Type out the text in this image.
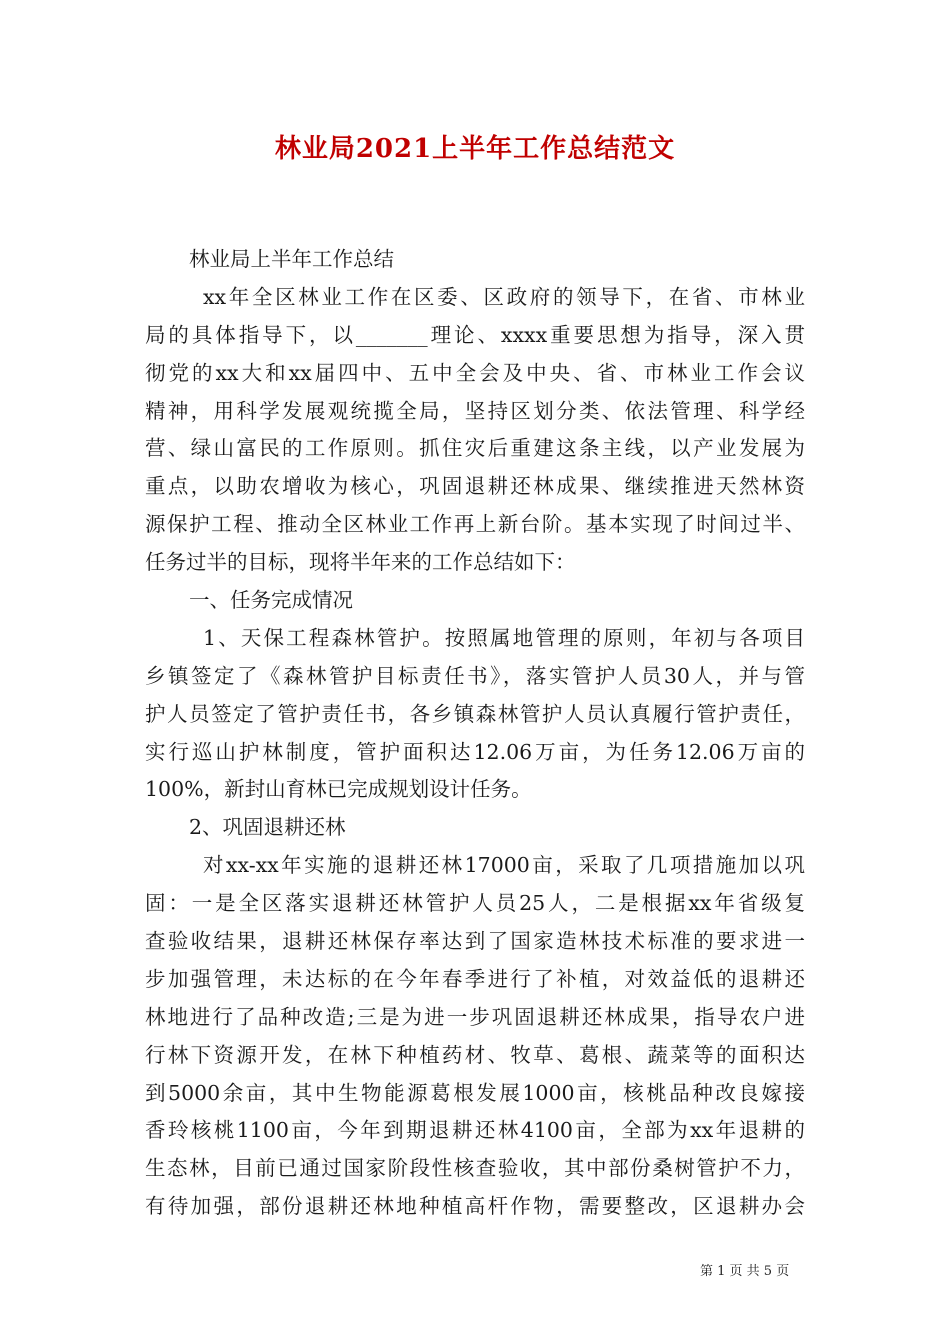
林业局2021上半年工作总结范文
林业局上半年工作总结
xx年全区林业工作在区委、区政府的领导下，在省、市林业
局的具体指导下，以_______理论、xxxx重要思想为指导，深入贯
彻党的xx大和xx届四中、五中全会及中央、省、市林业工作会议
精神，用科学发展观统揽全局，坚持区划分类、依法管理、科学经
营、绿山富民的工作原则。抓住灾后重建这条主线，以产业发展为
重点，以助农增收为核心，巩固退耕还林成果、继续推进天然林资
源保护工程、推动全区林业工作再上新台阶。基本实现了时间过半、
任务过半的目标，现将半年来的工作总结如下：
一、任务完成情况
1、天保工程森林管护。按照属地管理的原则，年初与各项目
乡镇签定了《森林管护目标责任书》，落实管护人员30人，并与管
护人员签定了管护责任书，各乡镇森林管护人员认真履行管护责任，
实行巡山护林制度，管护面积达12.06万亩，为任务12.06万亩的
100%，新封山育林已完成规划设计任务。
2、巩固退耕还林
对xx-xx年实施的退耕还林17000亩，采取了几项措施加以巩
固：一是全区落实退耕还林管护人员25人，二是根据xx年省级复
查验收结果，退耕还林保存率达到了国家造林技术标准的要求进一
步加强管理，未达标的在今年春季进行了补植，对效益低的退耕还
林地进行了品种改造;三是为进一步巩固退耕还林成果，指导农户进
行林下资源开发，在林下种植药材、牧草、葛根、蔬菜等的面积达
到5000余亩，其中生物能源葛根发展1000亩，核桃品种改良嫁接
香玲核桃1100亩，今年到期退耕还林4100亩，全部为xx年退耕的
生态林，目前已通过国家阶段性核查验收，其中部份桑树管护不力，
有待加强，部份退耕还林地种植高杆作物，需要整改，区退耕办会
第 1 页 共 5 页
